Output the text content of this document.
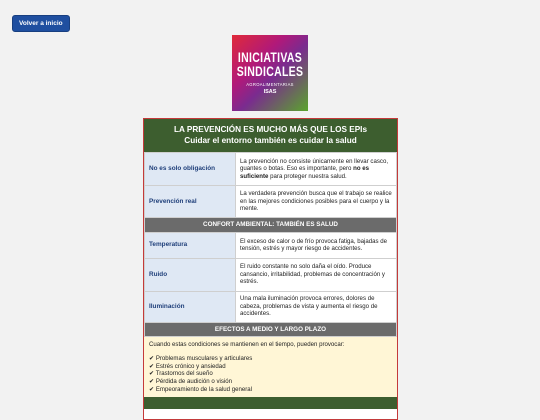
Volver a inicio
INICIATIVAS
SINDICALES
AGROALIMENTARIAS
ISAS
LA PREVENCIÓN ES MUCHO MÁS QUE LOS EPIs
Cuidar el entorno también es cuidar la salud
No es solo obligación	La prevención no consiste únicamente en llevar casco, guantes o botas. Eso es importante, pero no es suficiente para proteger nuestra salud.
Prevención real	La verdadera prevención busca que el trabajo se realice en las mejores condiciones posibles para el cuerpo y la mente.
CONFORT AMBIENTAL: TAMBIÉN ES SALUD	
Temperatura	El exceso de calor o de frío provoca fatiga, bajadas de tensión, estrés y mayor riesgo de accidentes.
Ruido	El ruido constante no solo daña el oído. Produce cansancio, irritabilidad, problemas de concentración y estrés.
Iluminación	Una mala iluminación provoca errores, dolores de cabeza, problemas de vista y aumenta el riesgo de accidentes.
EFECTOS A MEDIO Y LARGO PLAZO	
Cuando estas condiciones se mantienen en el tiempo, pueden provocar:
✔ Problemas musculares y articulares
✔ Estrés crónico y ansiedad
✔ Trastornos del sueño
✔ Pérdida de audición o visión
✔ Empeoramiento de la salud general
